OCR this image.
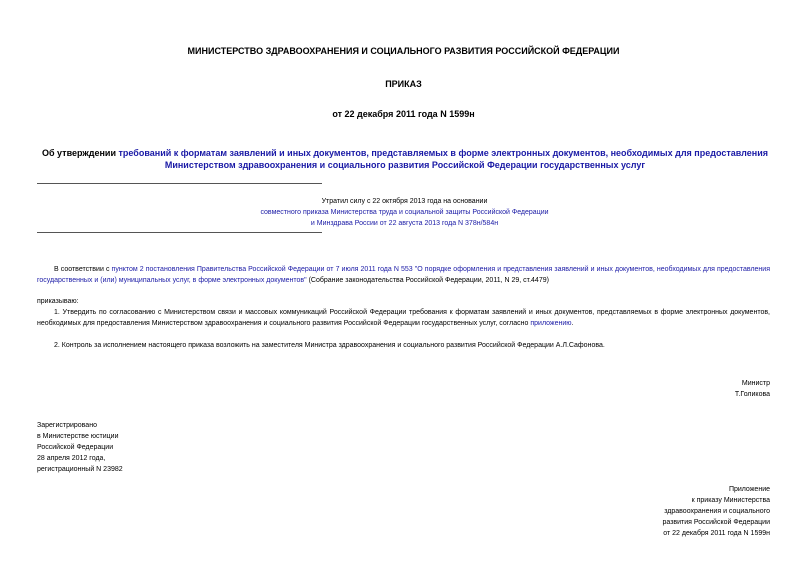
МИНИСТЕРСТВО ЗДРАВООХРАНЕНИЯ И СОЦИАЛЬНОГО РАЗВИТИЯ РОССИЙСКОЙ ФЕДЕРАЦИИ
ПРИКАЗ
от 22 декабря 2011 года N 1599н
Об утверждении требований к форматам заявлений и иных документов, представляемых в форме электронных документов, необходимых для предоставления Министерством здравоохранения и социального развития Российской Федерации государственных услуг
Утратил силу с 22 октября 2013 года на основании
совместного приказа Министерства труда и социальной защиты Российской Федерации
и Минздрава России от 22 августа 2013 года N 378н/584н
В соответствии с пунктом 2 постановления Правительства Российской Федерации от 7 июля 2011 года N 553 "О порядке оформления и представления заявлений и иных документов, необходимых для предоставления государственных и (или) муниципальных услуг, в форме электронных документов" (Собрание законодательства Российской Федерации, 2011, N 29, ст.4479)
приказываю:
1. Утвердить по согласованию с Министерством связи и массовых коммуникаций Российской Федерации требования к форматам заявлений и иных документов, представляемых в форме электронных документов, необходимых для предоставления Министерством здравоохранения и социального развития Российской Федерации государственных услуг, согласно приложению.
2. Контроль за исполнением настоящего приказа возложить на заместителя Министра здравоохранения и социального развития Российской Федерации А.Л.Сафонова.
Министр
Т.Голикова
Зарегистрировано
в Министерстве юстиции
Российской Федерации
28 апреля 2012 года,
регистрационный N 23982
Приложение
к приказу Министерства
здравоохранения и социального
развития Российской Федерации
от 22 декабря 2011 года N 1599н
